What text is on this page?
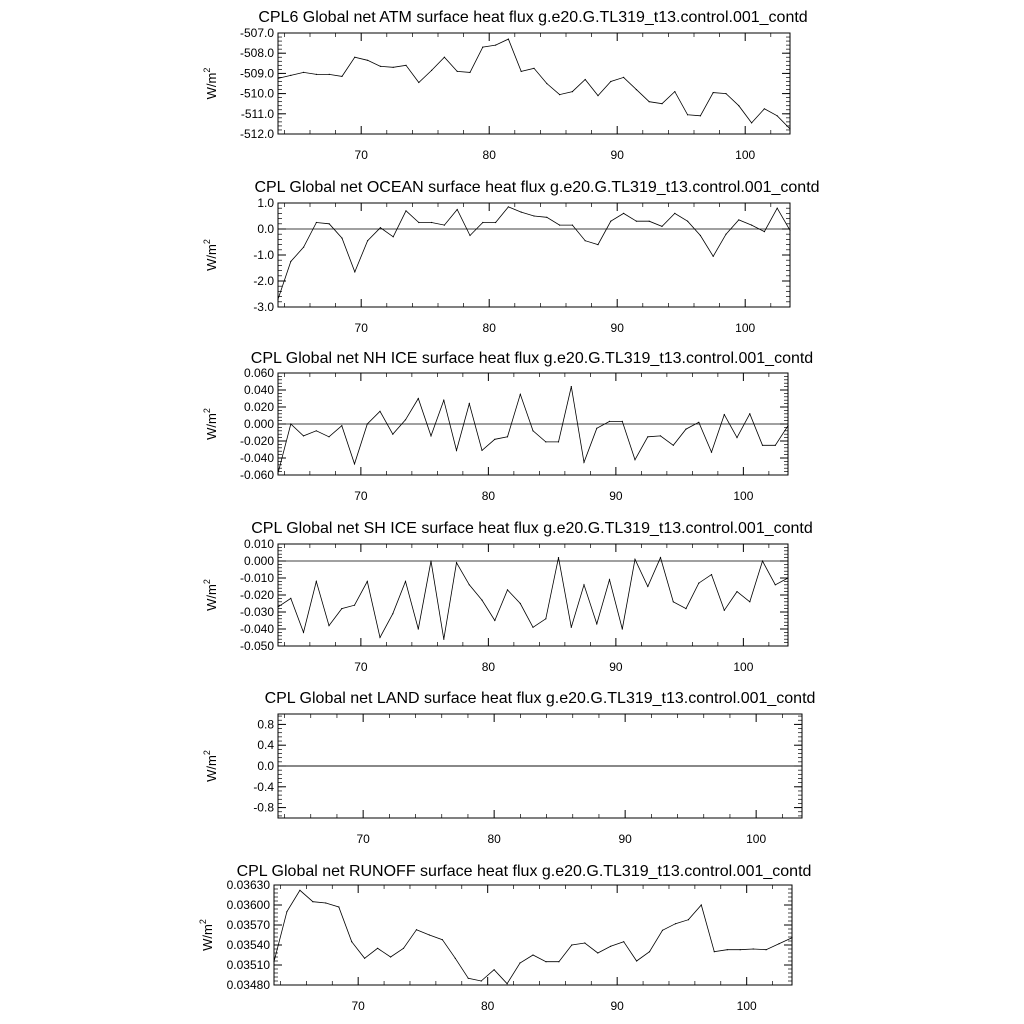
CPL6 Global net ATM surface heat flux g.e20.G.TL319_t13.control.001_contd
-507.0
-508.0
-509.0
-510.0
-511.0
-512.0
70	80	90	100
$W/m^2$
CPL Global net OCEAN surface heat flux g.e20.G.TL319_t13.control.001_contd
1.0
0.0
-1.0
-2.0
-3.0
70	80	90	100
$W/m^2$
CPL Global net NH ICE surface heat flux g.e20.G.TL319_t13.control.001_contd
0.060
0.040
0.020
0.000
-0.020
-0.040
-0.060
70	80	90	100
$W/m^2$
CPL Global net SH ICE surface heat flux g.e20.G.TL319_t13.control.001_contd
0.010
0.000
-0.010
-0.020
-0.030
-0.040
-0.050
70	80	90	100
$W/m^2$
CPL Global net LAND surface heat flux g.e20.G.TL319_t13.control.001_contd
0.8
0.4
0.0
-0.4
-0.8
70	80	90	100
$W/m^2$
CPL Global net RUNOFF surface heat flux g.e20.G.TL319_t13.control.001_contd
0.03630
0.03600
0.03570
0.03540
0.03510
0.03480
70	80	90	100
$W/m^2$
